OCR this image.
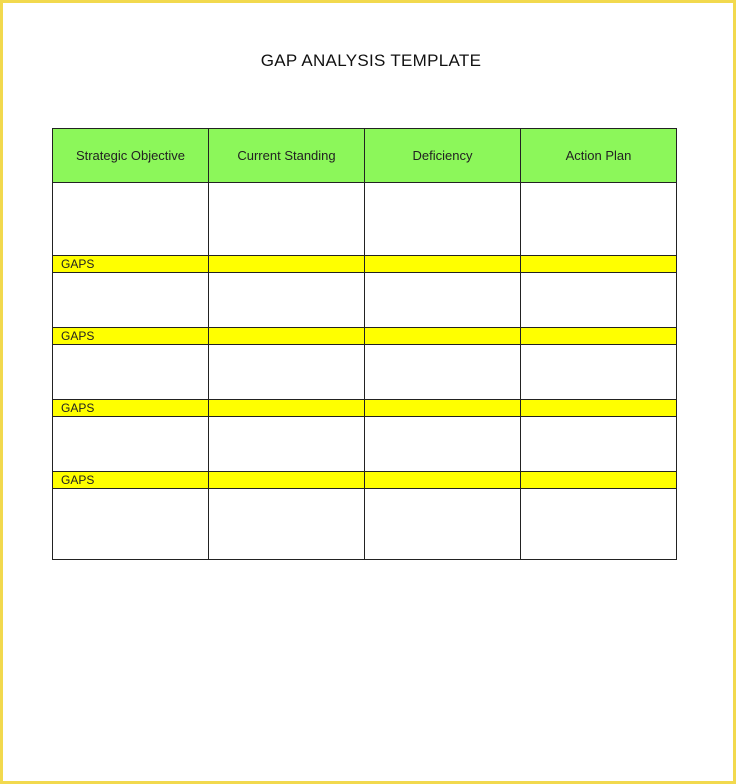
GAP ANALYSIS TEMPLATE
Strategic Objective	Current Standing	Deficiency	Action Plan

GAPS			

GAPS			

GAPS			

GAPS			
